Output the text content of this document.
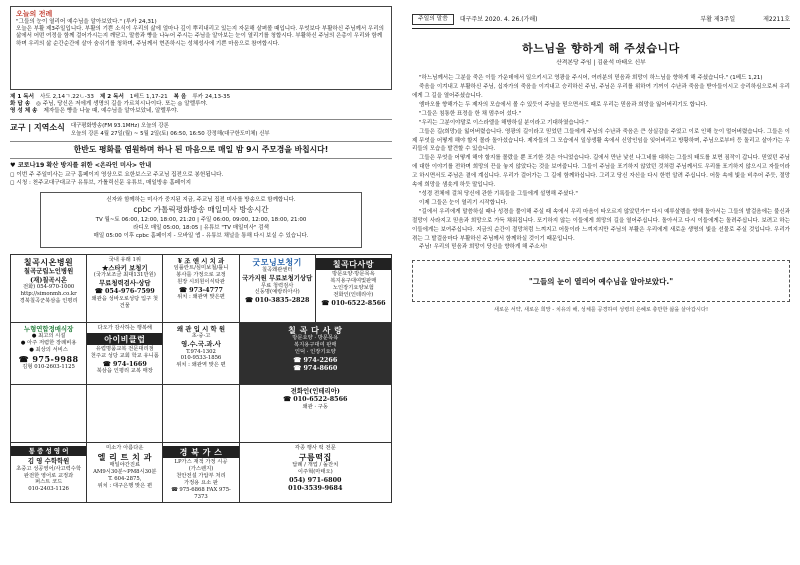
오늘의 전례
"그들의 눈이 열리어 예수님을 알아보았다." (루카 24,31)
오늘은 부활 제3주일입니다. 부활의 기쁜 소식이 우리의 삶에 얼마나 깊이 뿌리내리고 있는지 자문해 살펴볼 때입니다. 무엇보다 부활하신 주님께서 우리의 삶에서 어떤 여정을 함께 걸어가시는지 깨닫고, 말씀과 빵을 나누어 주시는 주님을 알아보는 눈이 열리기를 청합시다. 부활하신 주님의 은총이 우리와 함께하며 우리의 삶 순간순간에 살아 숨쉬기를 청하며, 주님께서 현존하시는 성체성사에 기쁜 마음으로 참여합시다.
제 1 독서 사도 2,14ㄱ.22ㄴ-33 제 2 독서 1베드 1,17-21 복 음 루카 24,13-35
화 답 송 ◎ 주님, 당신은 저에게 생명의 길을 가르치시나이다. 또는 ◎ 알렐루야.
영 성 체 송 제자들은 빵을 나눌 때, 예수님을 알아보았네, 알렐루야.
교구 | 지역소식 대구평화방송(FM 93.1MHz) 오늘의 강론
오늘의 강론 4월 27일(월) ~ 5월 2일(토) 06:50, 16:50 강정해(대구한도미체) 신부
한반도 평화를 염원하며 하나 된 마음으로 매일 밤 9시 주모경을 바칩시다!
♥ 코로나19 확산 방지를 위한 <온라인 미사> 안내
◻ 이번 주 주일미사는 교구 홈페이지 영상으로 요한보스코 주교님 집전으로 봉헌됩니다.
◻ 시청 : 천주교대구대교구 유튜브, 가톨릭신문 유튜브, 매일방송 홈페이지
신자와 함께하는 미사가 중지된 지금, 주교님 집전 미사를 방송으로 함께합니다.
cpbc 가톨릭평화방송 매일미사 방송시간
TV 월~토 06:00, 12:00, 18:00, 21:20 | 주일 06:00, 09:00, 12:00, 18:00, 21:00
라디오 매일 05:00, 18:05 | 유튜브 "TV 매일미사" 검색
매일 05:00 이후 cpbc 홈페이지 - 모바일 앱 - 유튜브 채널을 통해 다시 보실 수 있습니다.
칠곡시온병원
칠곡군립노인병원
(재)칠곡시온
전화) 054-970-1000
http://simonmh.co.kr
경북칠곡군북삼읍 인평리
국내 유래 1위
★스타키 보청기
(국가보조금 최대131만원)
무료청력검사·상담
☎ 054-976-7599
왜관읍 성바오로성당 입구 첫 건물
¥ 조 앤 시 치 과
임플란트/심미보철/틀니
봉사를 가정으로 교정
원장 시외원이식탁관
☎ 973-4777
위치 : 왜관역 맞은편
굿모닝보청기
칠곡왜관센터
국가지원 무료보청기상담
무료 청력검사
신동명(예랑리아사)
☎ 010-3835-2828
칠곡다사랑
방문요양·방문목욕
복지용구대여및판매
노인장기요양보험
전화인(인테리아)
☎ 010-6522-8566
누형연합정매식장
● 최고의 시설
● 아주 저렴한 장례비용
● 최상의 서비스
☎ 975-9988
김형 010-2603-1125
다오가 감사하는 행복해
아이비클럽
유럽명품교복 전문대리점
천주교 성당 교회 학교 유니폼
☎ 974-1669
북삼읍 인평리 교복 매장
왜 관 입 시 학 원
초·중·고
영.수.국.과.사
T.974-1302
010-9533-1856
위치 : 왜관역 맞은 편
칠 곡 다 사 랑
방문요양 · 방문목욕
복지용구대여 판매
인덕 · 인장기요양
☎ 974-2266
☎ 974-8660
전화인(인테리아)
☎ 010-6522-8566
왜관 · 구동
통 증 성 영 어
김 영 수학학원
초중고 성공영어/사고력수학
완전한 영어로 교정과
퍼스트 코드
010-2403-1126
미소가 아름다운
엘 리 트 치 과
매일야간진료
AM9시30분~PM8시30분
T. 604-2875,
위치 : 대구은행 맞은 편
경 북 가 스
LP가스 재적 가정 시공
(가스렌지)
천안전설 가압부 처리
가정용 요소 판
☎ 975-6868 FAX 975-7373
각종 행사 떡 전문
구름떡집
답례 / 개업 / 돌잔치
이주혁(마태오)
054) 971-6800
010-3539-9684
주일의 말씀	대구주보 2020. 4. 26.(가해)	부활 제3주일	제2211호
하느님을 향하게 해 주셨습니다
산격본당 주임 | 김윤석 마태오 신부

"하느님께서는 그분을 죽은 이들 가운데에서 일으키시고 영광을 주시어, 여러분의 믿음과 희망이 하느님을 향하게 해 주셨습니다." (1베드 1,21)

죽음을 이겨내고 부활하신 주님, 십자가의 죽음을 이겨내고 승리하신 주님, 주님은 우리를 위하여 기꺼이 수난과 죽음을 받아들이시고 승리하심으로써 우리에게 그 길을 열어주셨습니다.

엠마오를 향해가는 두 제자의 모습에서 볼 수 있듯이 주님을 믿으면서도 때로 우리는 믿음과 희망을 잃어버리기도 합니다.

"그들은 침통한 표정을 한 채 멈추어 섰다."

"우리는 그분이야말로 이스라엘을 해방하실 분이라고 기대하였습니다."

그들은 길(희망)을 잃어버렸습니다. 영광의 길이라고 믿었던 그들에게 주님의 수난과 죽음은 큰 상실감을 주었고 이로 인해 눈이 멀어버렸습니다. 그들은 이제 무엇을 어떻게 해야 할지 몰라 돌아섰습니다. 제자들의 그 모습에서 일상생활 속에서 신앙인임을 잊어버리고 방황하며, 주님으로부터 등 돌리고 살아가는 우리들의 모습을 발견할 수 있습니다.

그들은 무엇을 어떻게 해야 할지를 몰랐을 뿐 포기한 것은 아니었습니다. 길에서 만난 낯선 나그네를 대하는 그들의 태도를 보면 짐작이 갑니다. 믿었던 주님에 대한 이야기를 전하며 희망의 끈을 놓지 않았다는 것을 보여줍니다. 그들이 주님을 포기하지 않았던 것처럼 주님께서도 우리를 포기하지 않으시고 자들이라고 하시면서도 주님은 곁에 계십니다. 우리가 걸어가는 그 길에 함께하십니다. 그리고 당신 자신을 다시 한번 알려 주십니다. 어둠 속에 빛을 비추어 주듯, 절망 속에 희망을 샘솟게 하듯 말입니다.

"성경 전체에 걸쳐 당신에 관한 기록들을 그들에게 설명해 주셨다."

이제 그들은 눈이 열리기 시작합니다.

"길에서 우리에게 말씀하실 때나 성경을 풀이해 주실 때 속에서 우리 마음이 타오르지 않았던가!" 다시 예루살렘을 향해 돌아서는 그들의 발걸음에는 불신과 절망이 사라지고 믿음과 희망으로 가득 채워집니다. 포기하지 않는 이들에게 희망의 길을 열어주십니다. 돌아서고 다시 이들에게는 돌려주십니다. 보려고 하는 이들에게는 보여주십니다. 지금의 순간이 절망처럼 느껴지고 어둠이라 느껴지지만 주님의 부활은 우리에게 새로운 생명의 빛을 선물로 주실 것입니다. 우리가 겪는 그 발걸음마다 부활하신 주님께서 함께하실 것이기 때문입니다.

주님! 우리의 믿음과 희망이 당신을 향하게 해 주소서!

"그들의 눈이 열리어 예수님을 알아보았다."
새로운 서약, 새로운 희망 - 치유의 해, 성체를 공경하여 성령의 은혜로 충만한 삶을 살아갑시다!
